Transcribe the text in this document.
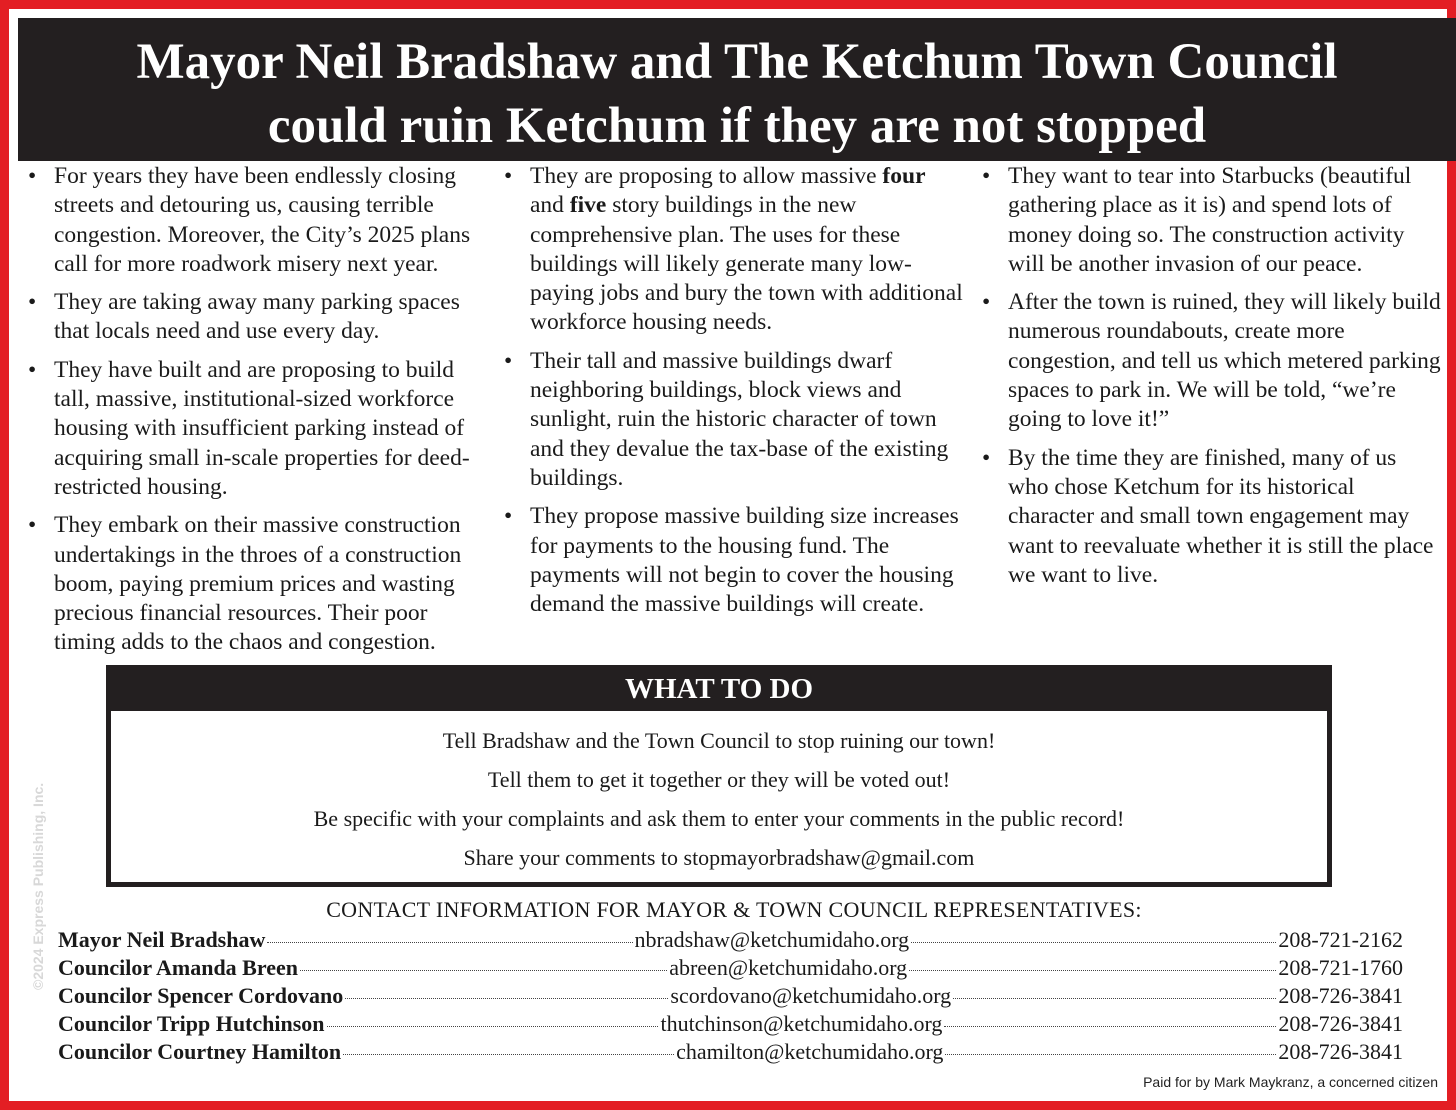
Mayor Neil Bradshaw and The Ketchum Town Council
could ruin Ketchum if they are not stopped
• For years they have been endlessly closing streets and detouring us, causing terrible congestion. Moreover, the City’s 2025 plans call for more roadwork misery next year.
• They are taking away many parking spaces that locals need and use every day.
• They have built and are proposing to build tall, massive, institutional-sized workforce housing with insufficient parking instead of acquiring small in-scale properties for deed-restricted housing.
• They embark on their massive construction undertakings in the throes of a construction boom, paying premium prices and wasting precious financial resources. Their poor timing adds to the chaos and congestion.
• They are proposing to allow massive four and five story buildings in the new comprehensive plan. The uses for these buildings will likely generate many low-paying jobs and bury the town with additional workforce housing needs.
• Their tall and massive buildings dwarf neighboring buildings, block views and sunlight, ruin the historic character of town and they devalue the tax-base of the existing buildings.
• They propose massive building size increases for payments to the housing fund. The payments will not begin to cover the housing demand the massive buildings will create.
• They want to tear into Starbucks (beautiful gathering place as it is) and spend lots of money doing so. The construction activity will be another invasion of our peace.
• After the town is ruined, they will likely build numerous roundabouts, create more congestion, and tell us which metered parking spaces to park in. We will be told, “we’re going to love it!”
• By the time they are finished, many of us who chose Ketchum for its historical character and small town engagement may want to reevaluate whether it is still the place we want to live.
WHAT TO DO

Tell Bradshaw and the Town Council to stop ruining our town!

Tell them to get it together or they will be voted out!

Be specific with your complaints and ask them to enter your comments in the public record!

Share your comments to stopmayorbradshaw@gmail.com

CONTACT INFORMATION FOR MAYOR & TOWN COUNCIL REPRESENTATIVES:
Mayor Neil Bradshaw	nbradshaw@ketchumidaho.org	208-721-2162
Councilor Amanda Breen	abreen@ketchumidaho.org	208-721-1760
Councilor Spencer Cordovano	scordovano@ketchumidaho.org	208-726-3841
Councilor Tripp Hutchinson	thutchinson@ketchumidaho.org	208-726-3841
Councilor Courtney Hamilton	chamilton@ketchumidaho.org	208-726-3841
©2024 Express Publishing, Inc.
Paid for by Mark Maykranz, a concerned citizen
